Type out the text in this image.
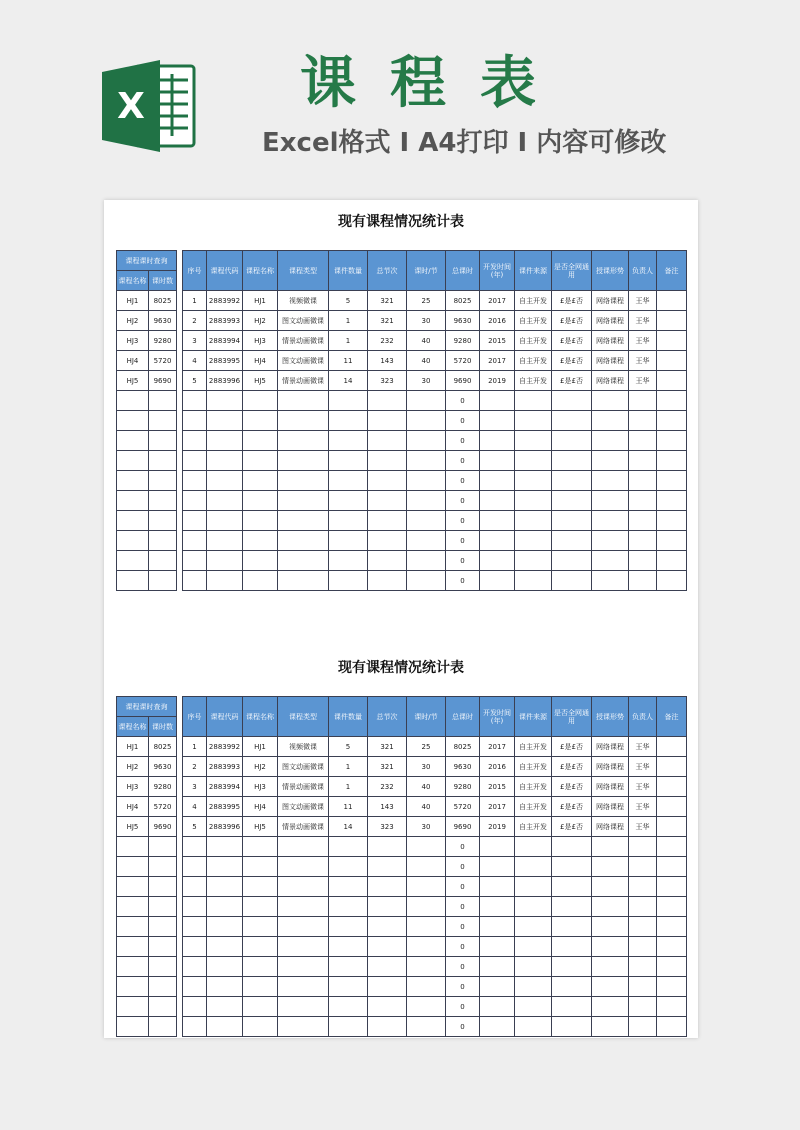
X	课程表
Excel格式 I A4打印 I 内容可修改
现有课程情况统计表
课程课时查询	
课程名称	课时数
HJ1	8025
HJ2	9630
HJ3	9280
HJ4	5720
HJ5	9690

序号	课程代码	课程名称	课程类型	课件数量	总节次	课时/节	总课时	开发时间(年)	课件来源	是否全网通用	授课形势	负责人	备注
1	2883992	HJ1	视频微课	5	321	25	8025	2017	自主开发	£是£否	网络课程	王华	
2	2883993	HJ2	图文动画微课	1	321	30	9630	2016	自主开发	£是£否	网络课程	王华	
3	2883994	HJ3	情景动画微课	1	232	40	9280	2015	自主开发	£是£否	网络课程	王华	
4	2883995	HJ4	图文动画微课	11	143	40	5720	2017	自主开发	£是£否	网络课程	王华	
5	2883996	HJ5	情景动画微课	14	323	30	9690	2019	自主开发	£是£否	网络课程	王华	
							0						
							0						
							0						
							0						
							0						
							0						
							0						
							0						
							0						
							0						
现有课程情况统计表
课程课时查询	
课程名称	课时数
HJ1	8025
HJ2	9630
HJ3	9280
HJ4	5720
HJ5	9690

序号	课程代码	课程名称	课程类型	课件数量	总节次	课时/节	总课时	开发时间(年)	课件来源	是否全网通用	授课形势	负责人	备注
1	2883992	HJ1	视频微课	5	321	25	8025	2017	自主开发	£是£否	网络课程	王华	
2	2883993	HJ2	图文动画微课	1	321	30	9630	2016	自主开发	£是£否	网络课程	王华	
3	2883994	HJ3	情景动画微课	1	232	40	9280	2015	自主开发	£是£否	网络课程	王华	
4	2883995	HJ4	图文动画微课	11	143	40	5720	2017	自主开发	£是£否	网络课程	王华	
5	2883996	HJ5	情景动画微课	14	323	30	9690	2019	自主开发	£是£否	网络课程	王华	
							0						
							0						
							0						
							0						
							0						
							0						
							0						
							0						
							0						
							0						
